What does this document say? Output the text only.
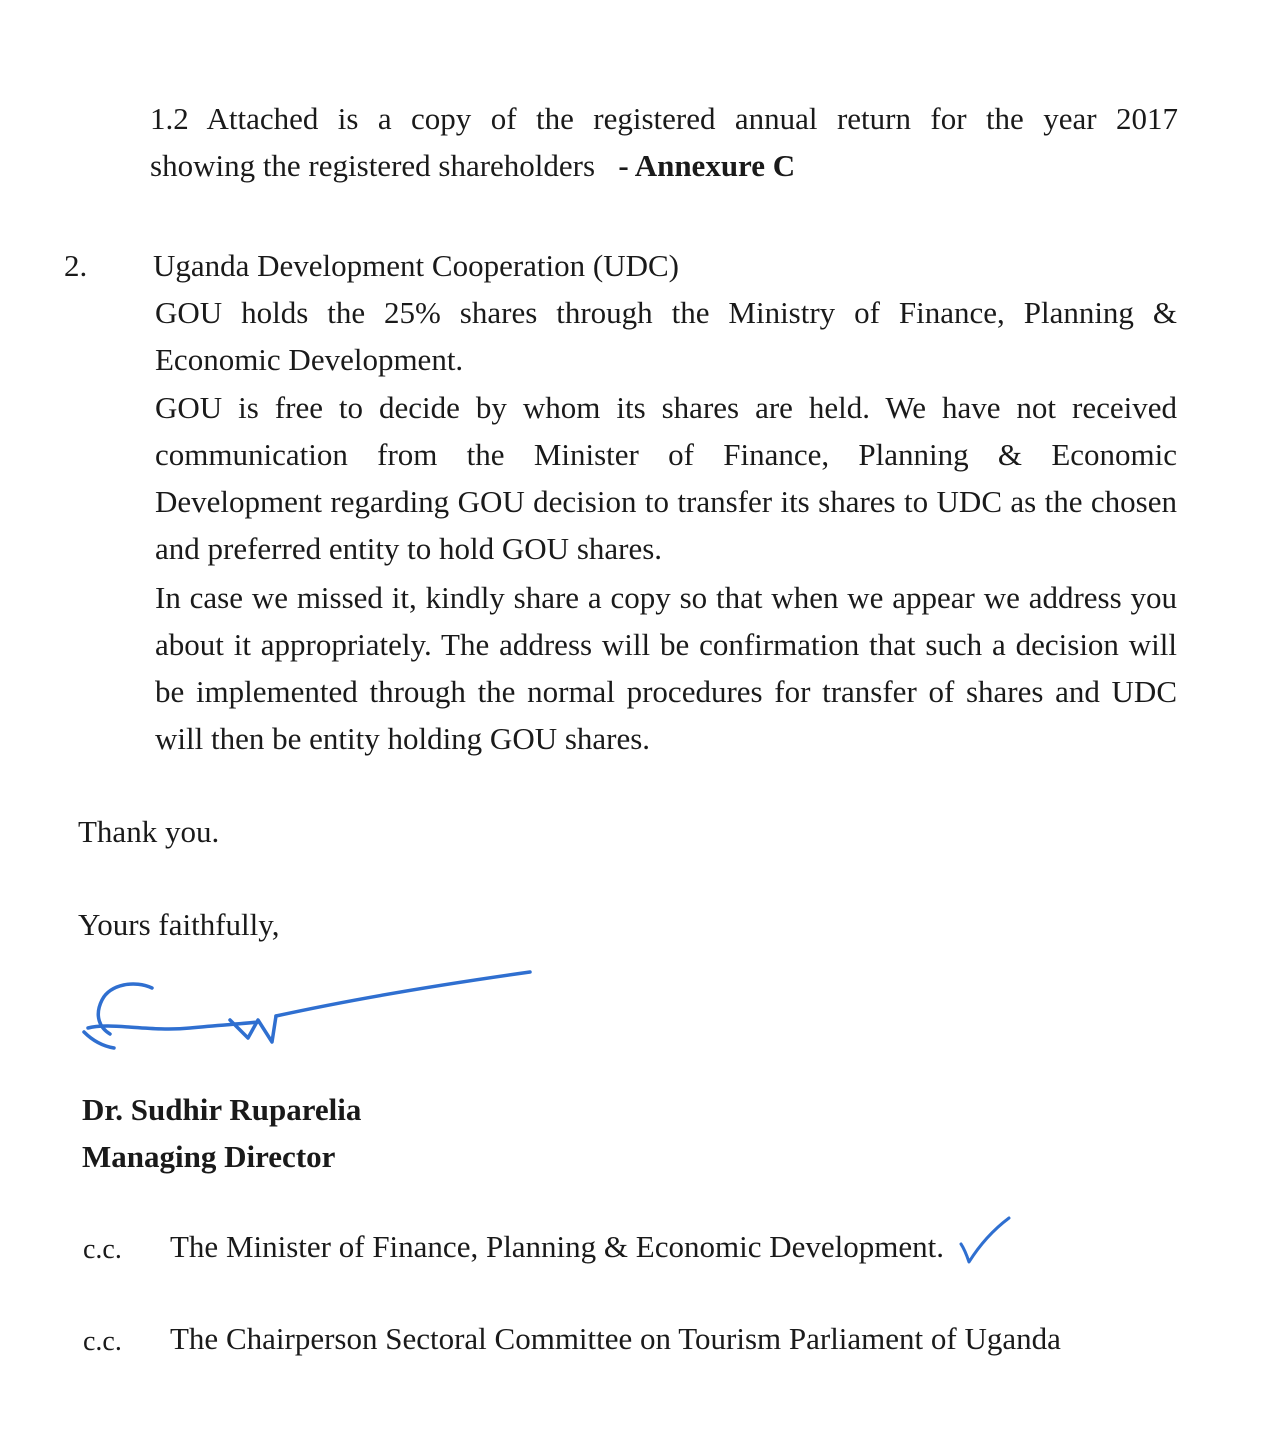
1.2 Attached is a copy of the registered annual return for the year 2017
showing the registered shareholders - Annexure C
2. Uganda Development Cooperation (UDC)
GOU holds the 25% shares through the Ministry of Finance, Planning & Economic Development.
GOU is free to decide by whom its shares are held. We have not received communication from the Minister of Finance, Planning & Economic Development regarding GOU decision to transfer its shares to UDC as the chosen and preferred entity to hold GOU shares.
In case we missed it, kindly share a copy so that when we appear we address you about it appropriately. The address will be confirmation that such a decision will be implemented through the normal procedures for transfer of shares and UDC will then be entity holding GOU shares.
Thank you.
Yours faithfully,
Dr. Sudhir Ruparelia
Managing Director
c.c. The Minister of Finance, Planning & Economic Development.
c.c. The Chairperson Sectoral Committee on Tourism Parliament of Uganda
